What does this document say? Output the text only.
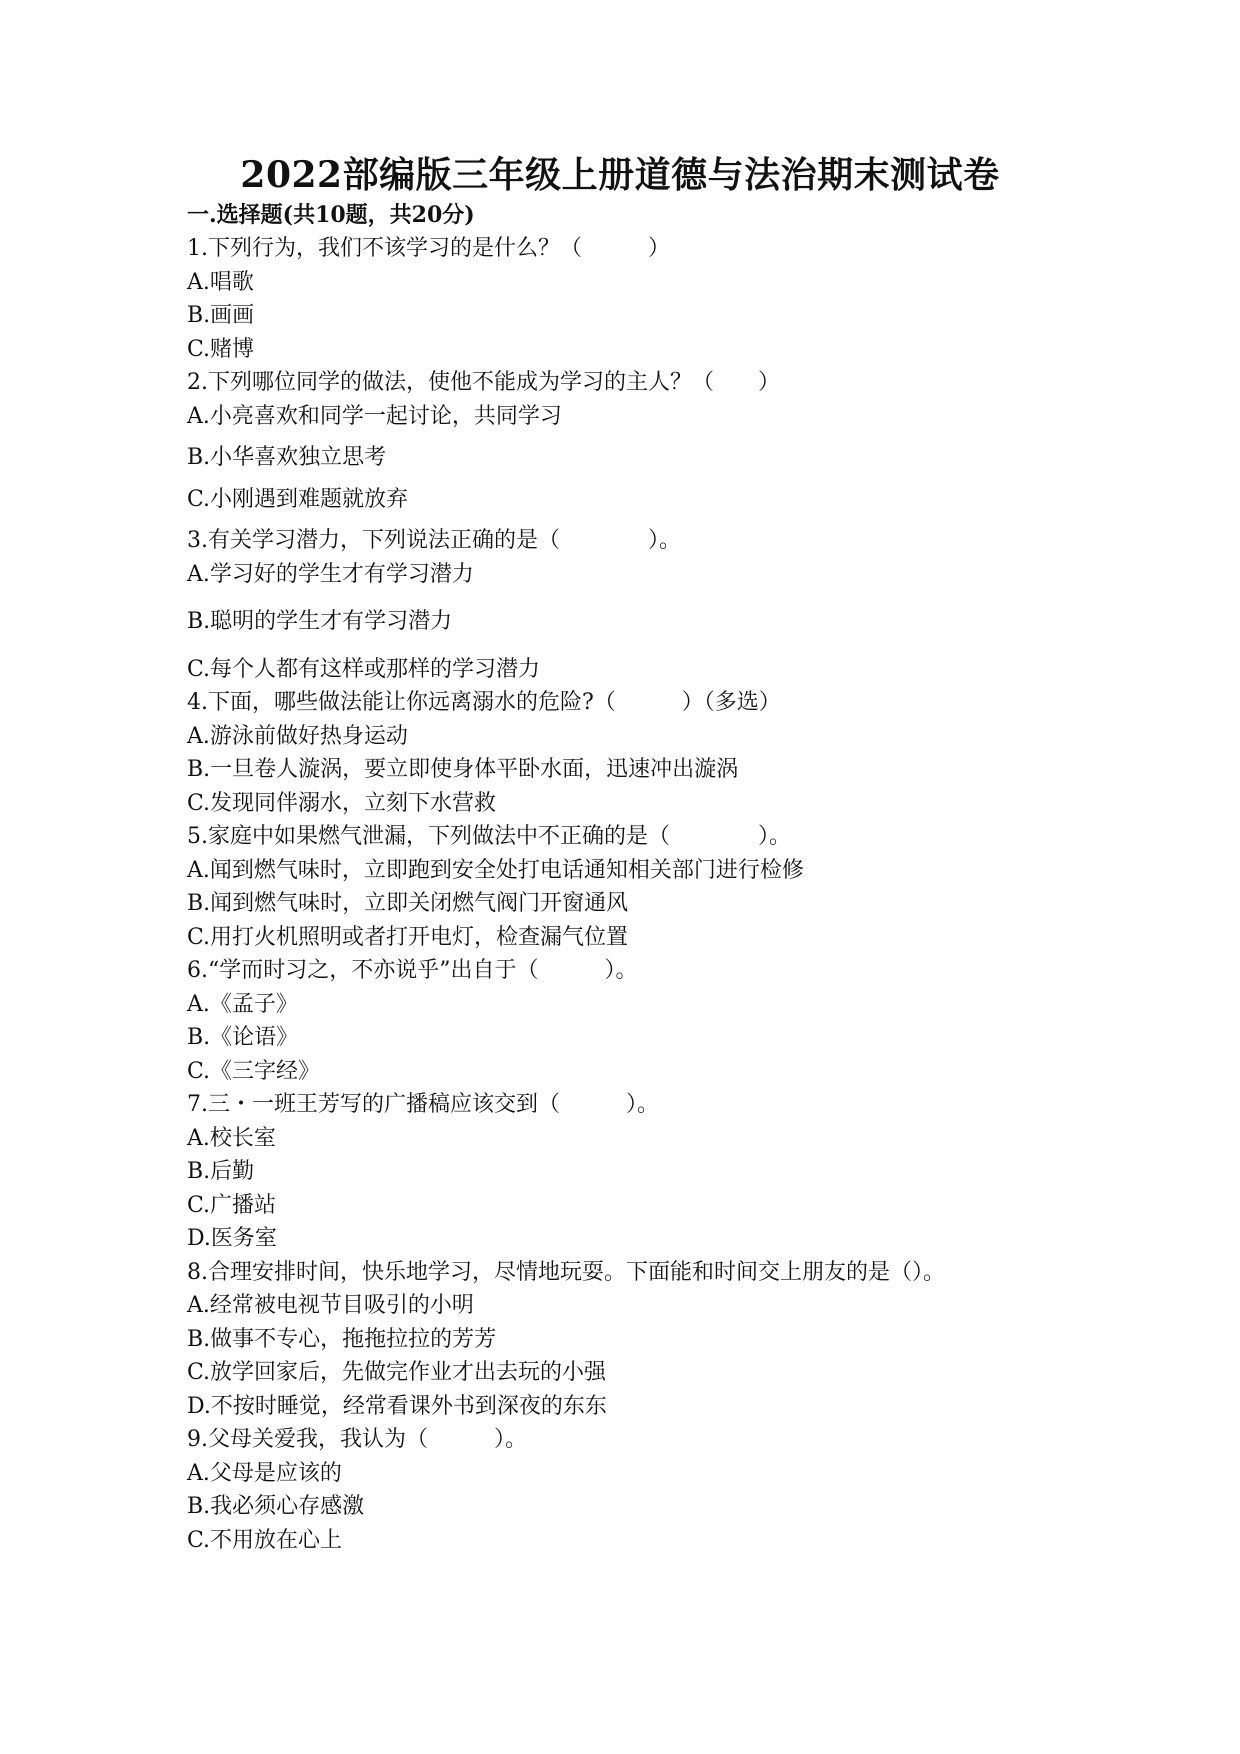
2022部编版三年级上册道德与法治期末测试卷
一.选择题(共10题，共20分)
1.下列行为，我们不该学习的是什么？（　　　）
A.唱歌
B.画画
C.赌博
2.下列哪位同学的做法，使他不能成为学习的主人？（　　）
A.小亮喜欢和同学一起讨论，共同学习
B.小华喜欢独立思考
C.小刚遇到难题就放弃
3.有关学习潜力，下列说法正确的是（　　　　）。
A.学习好的学生才有学习潜力
B.聪明的学生才有学习潜力
C.每个人都有这样或那样的学习潜力
4.下面，哪些做法能让你远离溺水的危险?（　　　）（多选）
A.游泳前做好热身运动
B.一旦卷人漩涡，要立即使身体平卧水面，迅速冲出漩涡
C.发现同伴溺水，立刻下水营救
5.家庭中如果燃气泄漏，下列做法中不正确的是（　　　　）。
A.闻到燃气味时，立即跑到安全处打电话通知相关部门进行检修
B.闻到燃气味时，立即关闭燃气阀门开窗通风
C.用打火机照明或者打开电灯，检查漏气位置
6.“学而时习之，不亦说乎”出自于（　　　）。
A.《孟子》
B.《论语》
C.《三字经》
7.三・一班王芳写的广播稿应该交到（　　　）。
A.校长室
B.后勤
C.广播站
D.医务室
8.合理安排时间，快乐地学习，尽情地玩耍。下面能和时间交上朋友的是（）。
A.经常被电视节目吸引的小明
B.做事不专心，拖拖拉拉的芳芳
C.放学回家后，先做完作业才出去玩的小强
D.不按时睡觉，经常看课外书到深夜的东东
9.父母关爱我，我认为（　　　）。
A.父母是应该的
B.我必须心存感激
C.不用放在心上
